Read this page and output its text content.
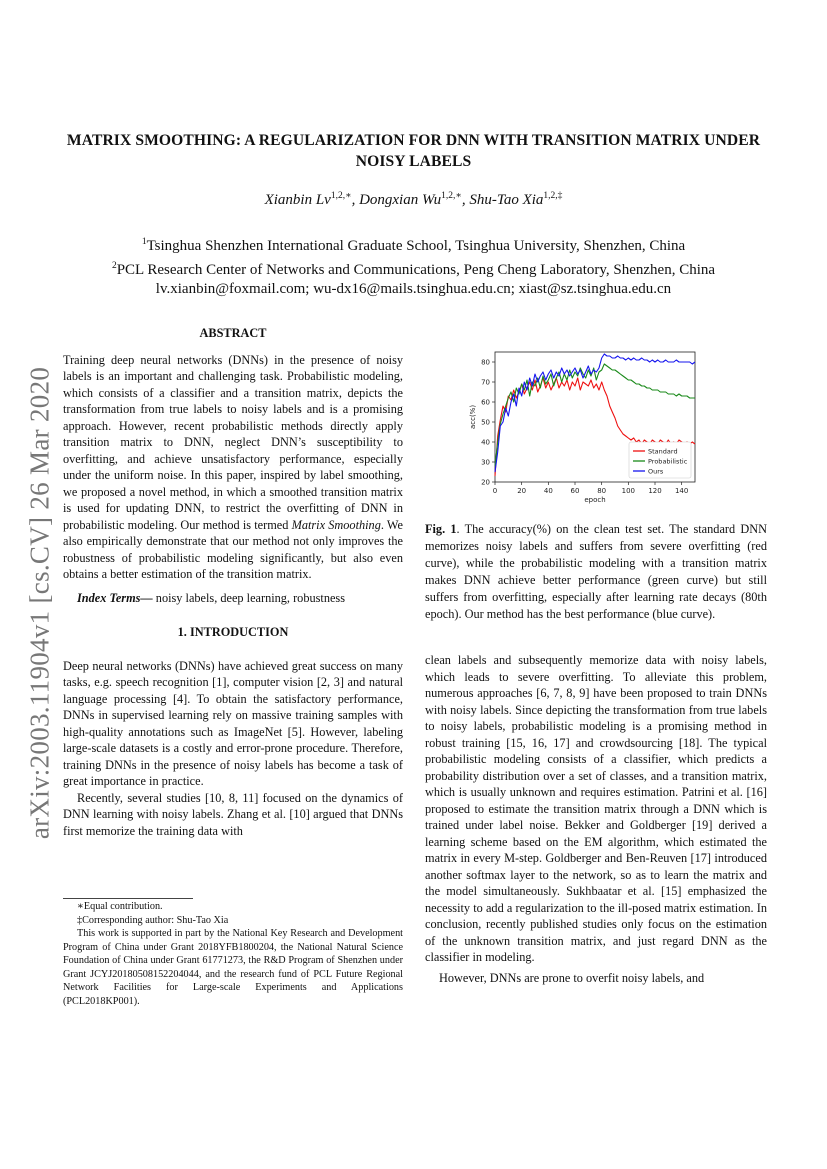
MATRIX SMOOTHING: A REGULARIZATION FOR DNN WITH TRANSITION MATRIX UNDER NOISY LABELS
Xianbin $Lv^{1,2,∗}$, Dongxian $Wu^{1,2,∗}$, Shu-Tao Xia$^{1,2,\ddagger}$
$^1$Tsinghua Shenzhen International Graduate School, Tsinghua University, Shenzhen, China
$^2$PCL Research Center of Networks and Communications, Peng Cheng Laboratory, Shenzhen, China
lv.xianbin@foxmail.com; wu-dx16@mails.tsinghua.edu.cn; xiast@sz.tsinghua.edu.cn
arXiv:2003.11904v1 [cs.CV] 26 Mar 2020
ABSTRACT

Training deep neural networks (DNNs) in the presence of noisy labels is an important and challenging task. Probabilistic modeling, which consists of a classifier and a transition matrix, depicts the transformation from true labels to noisy labels and is a promising approach. However, recent probabilistic methods directly apply transition matrix to DNN, neglect DNN’s susceptibility to overfitting, and achieve unsatisfactory performance, especially under the uniform noise. In this paper, inspired by label smoothing, we proposed a novel method, in which a smoothed transition matrix is used for updating DNN, to restrict the overfitting of DNN in probabilistic modeling. Our method is termed Matrix Smoothing. We also empirically demonstrate that our method not only improves the robustness of probabilistic modeling significantly, but also even obtains a better estimation of the transition matrix.

Index Terms— noisy labels, deep learning, robustness

1. INTRODUCTION

Deep neural networks (DNNs) have achieved great success on many tasks, e.g. speech recognition [1], computer vision [2, 3] and natural language processing [4]. To obtain the satisfactory performance, DNNs in supervised learning rely on massive training samples with high-quality annotations such as ImageNet [5]. However, labeling large-scale datasets is a costly and error-prone procedure. Therefore, training DNNs in the presence of noisy labels has become a task of great importance in practice.

Recently, several studies [10, 8, 11] focused on the dynamics of DNN learning with noisy labels. Zhang et al. [10] argued that DNNs first memorize the training data with

∗Equal contribution.

‡Corresponding author: Shu-Tao Xia

This work is supported in part by the National Key Research and Development Program of China under Grant 2018YFB1800204, the National Natural Science Foundation of China under Grant 61771273, the R&D Program of Shenzhen under Grant JCYJ20180508152204044, and the research fund of PCL Future Regional Network Facilities for Large-scale Experiments and Applications (PCL2018KP001).

0	20	40	60	80 100 120 140
20
30
40
50
60
70
80
epoch
acc(%)
Standard
Probabilistic
Ours
Fig. 1. The accuracy(%) on the clean test set. The standard DNN memorizes noisy labels and suffers from severe overfitting (red curve), while the probabilistic modeling with a transition matrix makes DNN achieve better performance (green curve) but still suffers from overfitting, especially after learning rate decays (80th epoch). Our method has the best performance (blue curve).

clean labels and subsequently memorize data with noisy labels, which leads to severe overfitting. To alleviate this problem, numerous approaches [6, 7, 8, 9] have been proposed to train DNNs with noisy labels. Since depicting the transformation from true labels to noisy labels, probabilistic modeling is a promising method in robust training [15, 16, 17] and crowdsourcing [18]. The typical probabilistic modeling consists of a classifier, which predicts a probability distribution over a set of classes, and a transition matrix, which is usually unknown and requires estimation. Patrini et al. [16] proposed to estimate the transition matrix through a DNN which is trained under label noise. Bekker and Goldberger [19] derived a learning scheme based on the EM algorithm, which estimated the matrix in every M-step. Goldberger and Ben-Reuven [17] introduced another softmax layer to the network, so as to learn the matrix and the model simultaneously. Sukhbaatar et al. [15] emphasized the necessity to add a regularization to the ill-posed matrix estimation. In conclusion, recently published studies only focus on the estimation of the unknown transition matrix, and just regard DNN as the classifier in modeling.

However, DNNs are prone to overfit noisy labels, and
